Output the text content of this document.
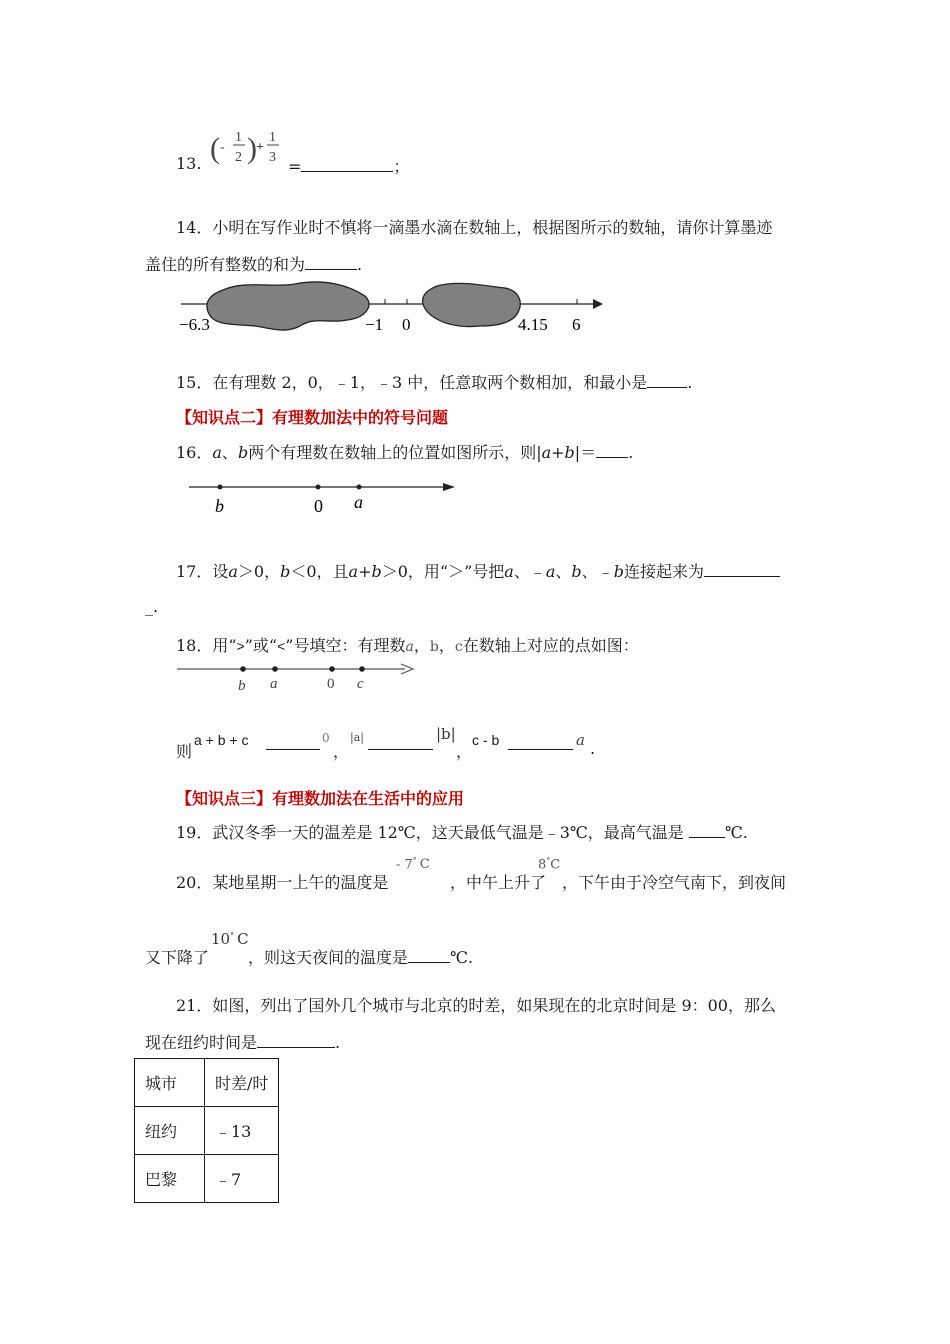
13. ( -
1
2 ) +
1
3 =	；
14．小明在写作业时不慎将一滴墨水滴在数轴上，根据图所示的数轴，请你计算墨迹
盖住的所有整数的和为	.
−6.3	−1 0	4.15 6
15．在有理数 2，0，﹣1，﹣3 中，任意取两个数相加，和最小是	.
【知识点二】有理数加法中的符号问题
16．a、b两个有理数在数轴上的位置如图所示，则|a+b|＝ .
b	0 a
17．设a＞0，b＜0，且a+b＞0，用“＞”号把a、﹣a、b、﹣b连接起来为
_.
18．用“>”或“<”号填空：有理数a，b，c在数轴上对应的点如图：
b a	0 c
则
a + b + c	0
，
|a|	|b|
，
c - b	a .
【知识点三】有理数加法在生活中的应用
19．武汉冬季一天的温差是 12℃，这天最低气温是﹣3℃，最高气温是	℃.
20．某地星期一上午的温度是
- 7° C
，中午上升了
8°C
，下午由于冷空气南下，到夜间
又下降了
10° C
，则这天夜间的温度是	℃.
21．如图，列出了国外几个城市与北京的时差，如果现在的北京时间是 9：00，那么
现在纽约时间是	.
城市	时差/时
纽约	﹣13
巴黎	﹣7
